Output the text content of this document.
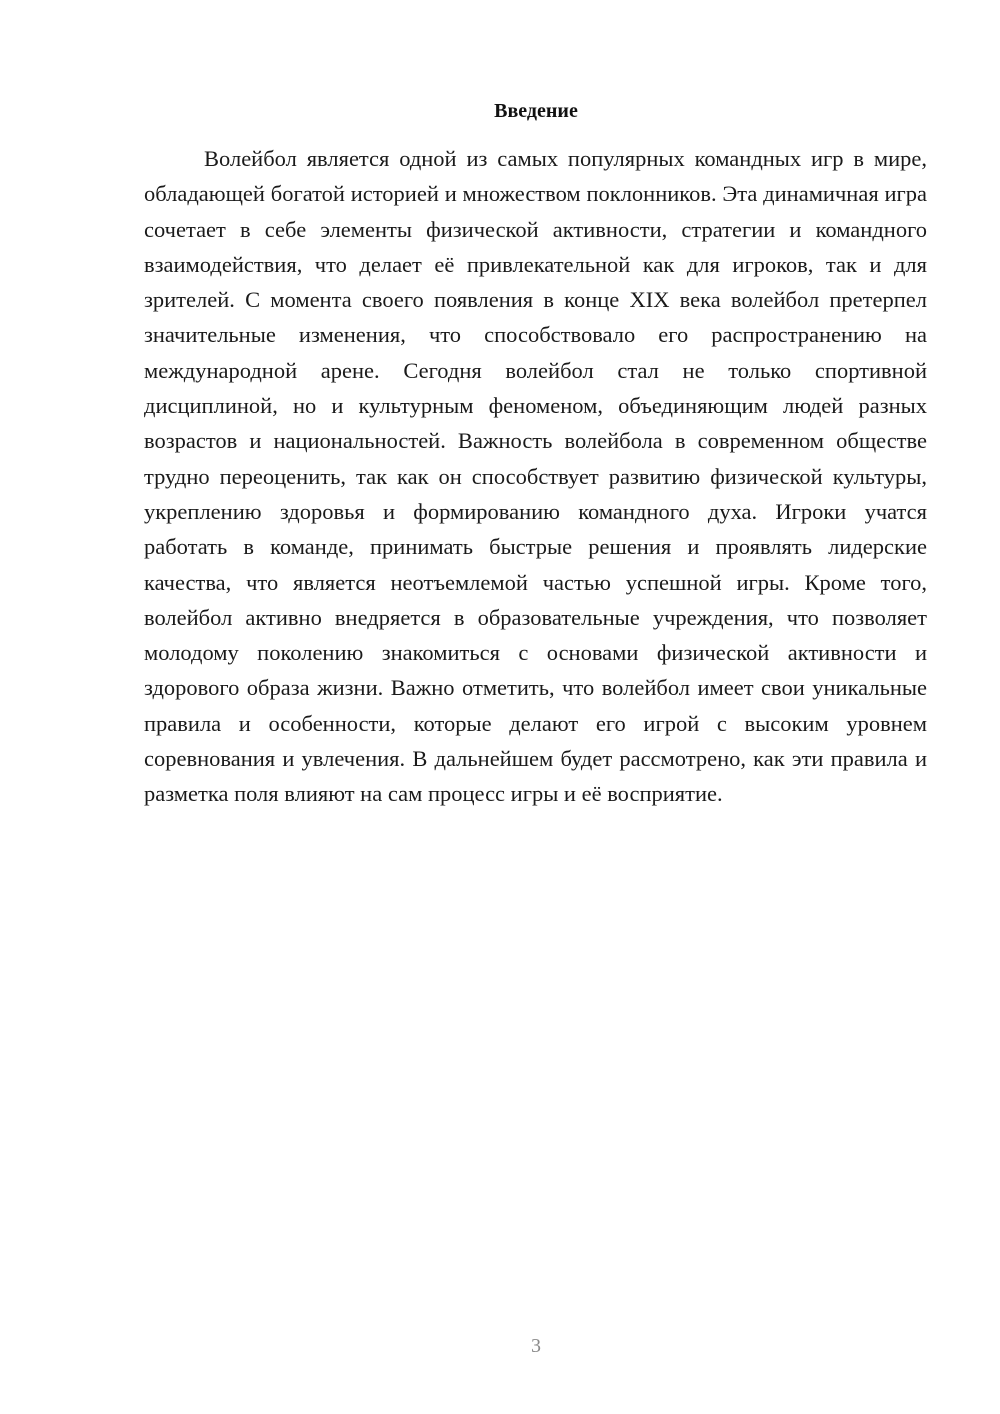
Введение

Волейбол является одной из самых популярных командных игр в мире, обладающей богатой историей и множеством поклонников. Эта динамичная игра сочетает в себе элементы физической активности, стратегии и командного взаимодействия, что делает её привлекательной как для игроков, так и для зрителей. С момента своего появления в конце XIX века волейбол претерпел значительные изменения, что способствовало его распространению на международной арене. Сегодня волейбол стал не только спортивной дисциплиной, но и культурным феноменом, объединяющим людей разных возрастов и национальностей. Важность волейбола в современном обществе трудно переоценить, так как он способствует развитию физической культуры, укреплению здоровья и формированию командного духа. Игроки учатся работать в команде, принимать быстрые решения и проявлять лидерские качества, что является неотъемлемой частью успешной игры. Кроме того, волейбол активно внедряется в образовательные учреждения, что позволяет молодому поколению знакомиться с основами физической активности и здорового образа жизни. Важно отметить, что волейбол имеет свои уникальные правила и особенности, которые делают его игрой с высоким уровнем соревнования и увлечения. В дальнейшем будет рассмотрено, как эти правила и разметка поля влияют на сам процесс игры и её восприятие.

3
